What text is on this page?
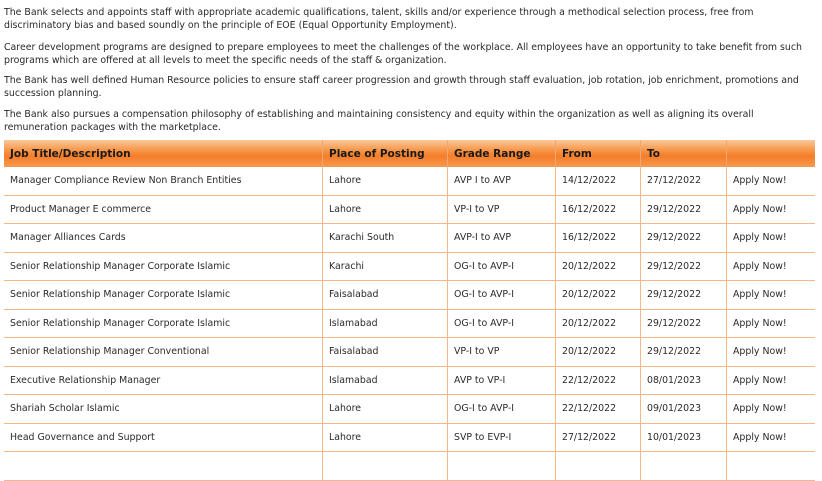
The Bank selects and appoints staff with appropriate academic qualifications, talent, skills and/or experience through a methodical selection process, free from discriminatory bias and based soundly on the principle of EOE (Equal Opportunity Employment).

Career development programs are designed to prepare employees to meet the challenges of the workplace. All employees have an opportunity to take benefit from such programs which are offered at all levels to meet the specific needs of the staff & organization.

The Bank has well defined Human Resource policies to ensure staff career progression and growth through staff evaluation, job rotation, job enrichment, promotions and succession planning.

The Bank also pursues a compensation philosophy of establishing and maintaining consistency and equity within the organization as well as aligning its overall remuneration packages with the marketplace.

Job Title/Description	Place of Posting	Grade Range	From	To	
Manager Compliance Review Non Branch Entities	Lahore	AVP I to AVP	14/12/2022	27/12/2022	Apply Now!
Product Manager E commerce	Lahore	VP-I to VP	16/12/2022	29/12/2022	Apply Now!
Manager Alliances Cards	Karachi South	AVP-I to AVP	16/12/2022	29/12/2022	Apply Now!
Senior Relationship Manager Corporate Islamic	Karachi	OG-I to AVP-I	20/12/2022	29/12/2022	Apply Now!
Senior Relationship Manager Corporate Islamic	Faisalabad	OG-I to AVP-I	20/12/2022	29/12/2022	Apply Now!
Senior Relationship Manager Corporate Islamic	Islamabad	OG-I to AVP-I	20/12/2022	29/12/2022	Apply Now!
Senior Relationship Manager Conventional	Faisalabad	VP-I to VP	20/12/2022	29/12/2022	Apply Now!
Executive Relationship Manager	Islamabad	AVP to VP-I	22/12/2022	08/01/2023	Apply Now!
Shariah Scholar Islamic	Lahore	OG-I to AVP-I	22/12/2022	09/01/2023	Apply Now!
Head Governance and Support	Lahore	SVP to EVP-I	27/12/2022	10/01/2023	Apply Now!
